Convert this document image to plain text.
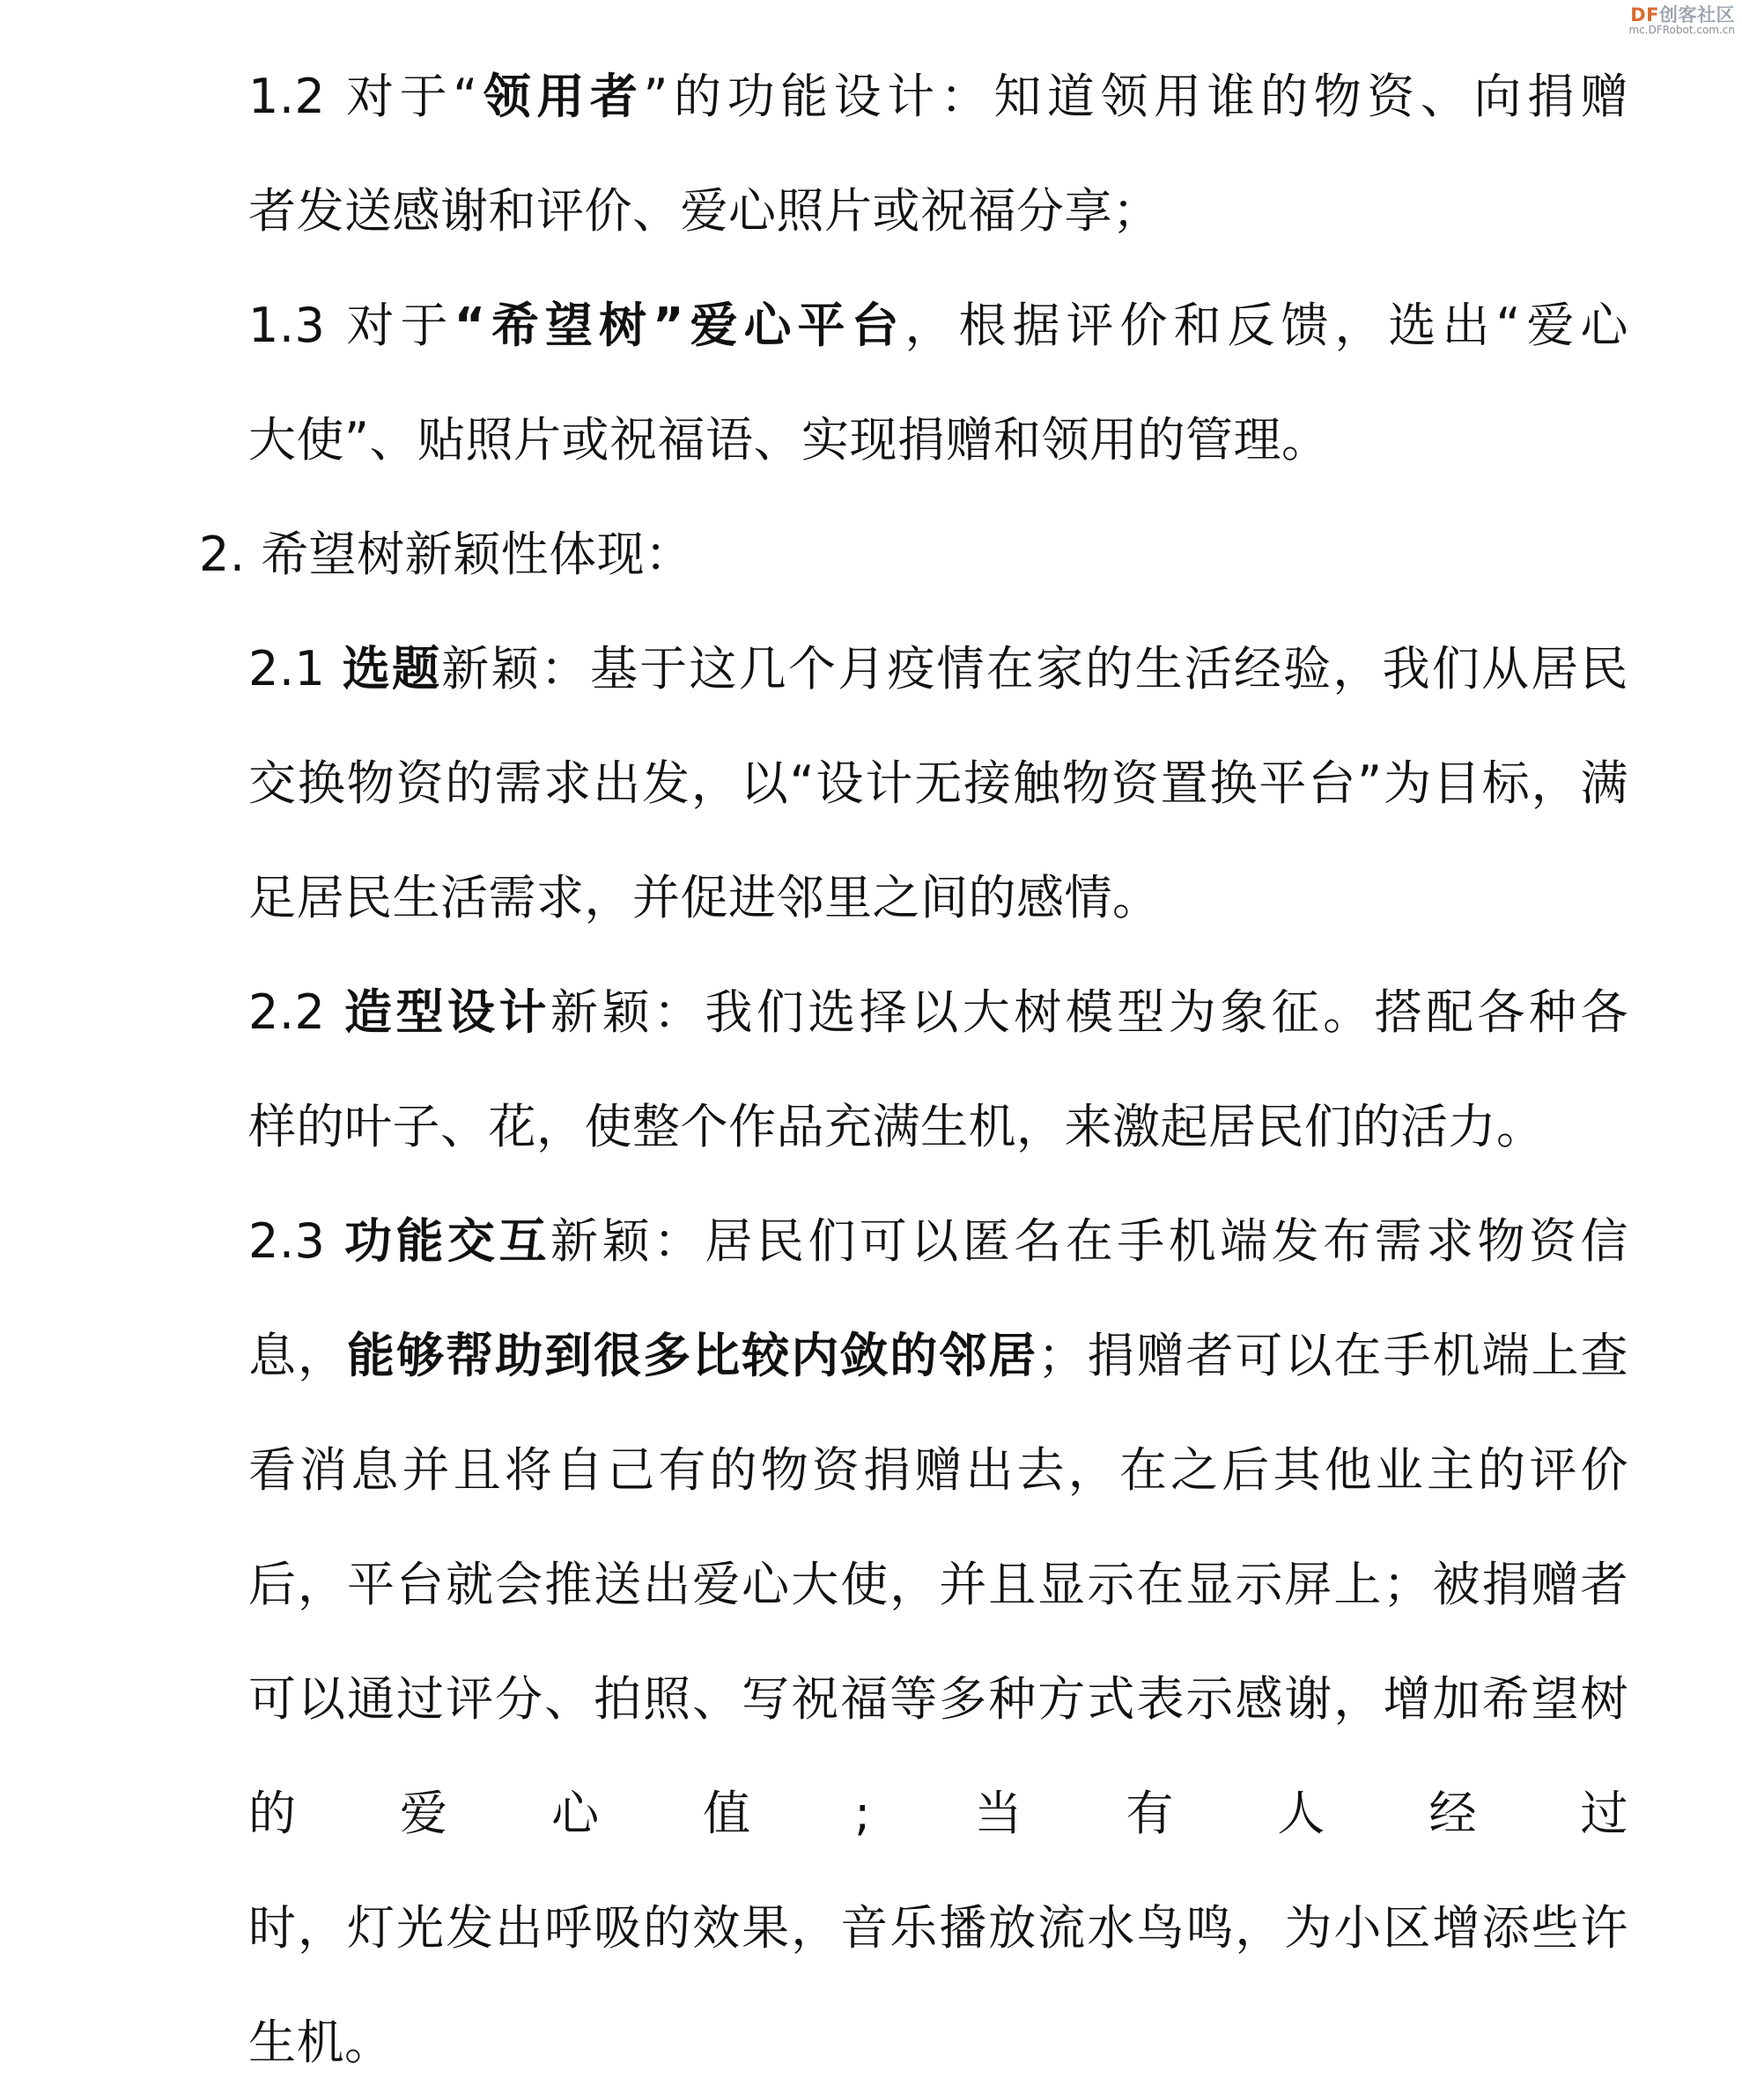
DF创客社区
mc.DFRobot.com.cn

1.2 对于“领用者”的功能设计：知道领用谁的物资、向捐赠
者发送感谢和评价、爱心照片或祝福分享；

1.3 对于“希望树”爱心平台，根据评价和反馈，选出“爱心
大使”、贴照片或祝福语、实现捐赠和领用的管理。

2. 希望树新颖性体现：

2.1 选题新颖：基于这几个月疫情在家的生活经验，我们从居民交换物资的需求出发，以“设计无接触物资置换平台”为目标，满
足居民生活需求，并促进邻里之间的感情。

2.2 造型设计新颖：我们选择以大树模型为象征。搭配各种各
样的叶子、花，使整个作品充满生机，来激起居民们的活力。

2.3 功能交互新颖：居民们可以匿名在手机端发布需求物资信息，能够帮助到很多比较内敛的邻居；捐赠者可以在手机端上查看消息并且将自己有的物资捐赠出去，在之后其他业主的评价后，平台就会推送出爱心大使，并且显示在显示屏上；被捐赠者可以通过评分、拍照、写祝福等多种方式表示感谢，增加希望树的爱心值;当有人经过
时，灯光发出呼吸的效果，音乐播放流水鸟鸣，为小区增添些许生机。
